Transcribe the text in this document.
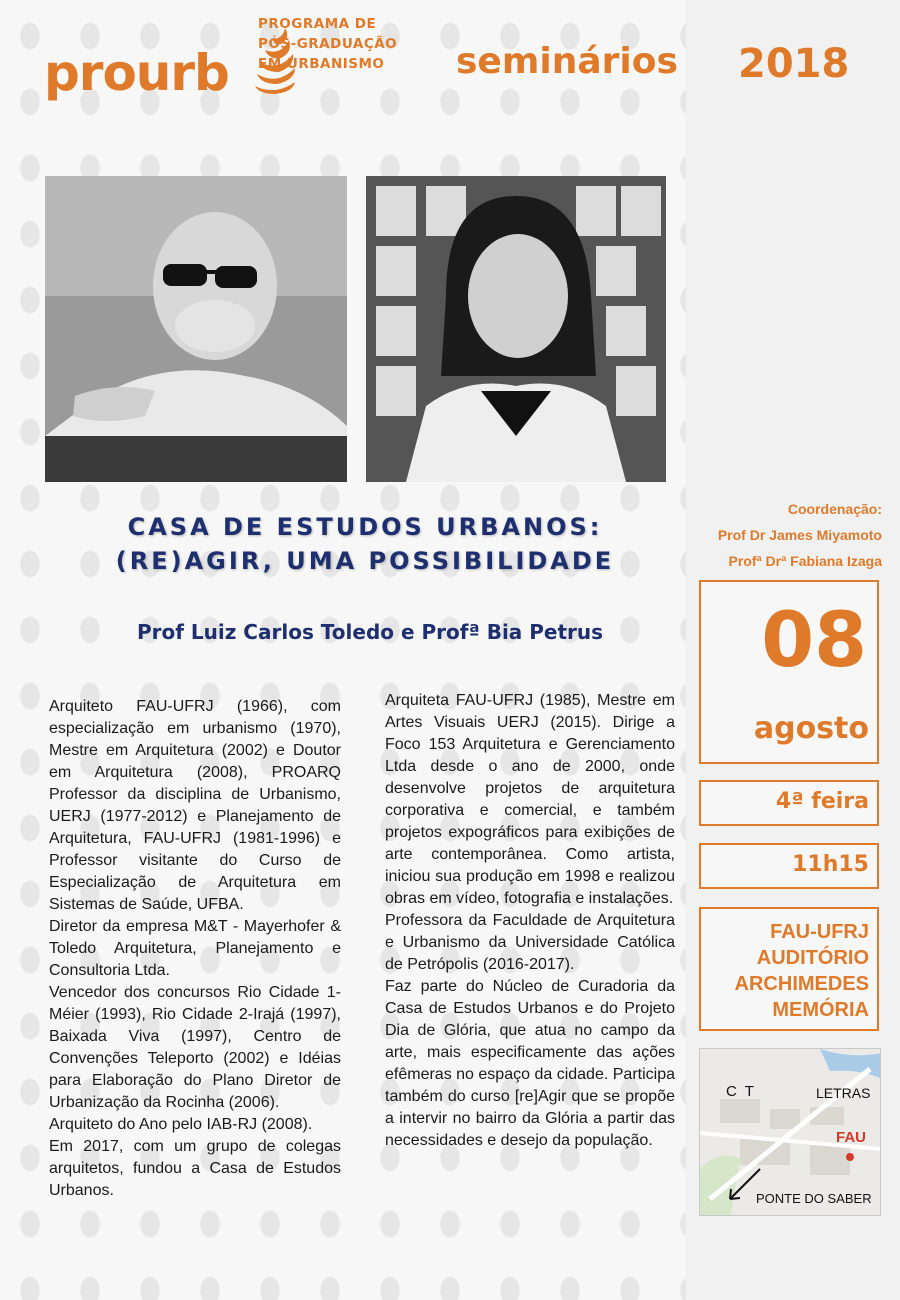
prourb
PROGRAMA DE
PÓS-GRADUAÇÃO
EM URBANISMO	seminários 2018
CASA DE ESTUDOS URBANOS:
(RE)AGIR, UMA POSSIBILIDADE
Prof Luiz Carlos Toledo e Profª Bia Petrus

Arquiteto FAU-UFRJ (1966), com especialização em urbanismo (1970), Mestre em Arquitetura (2002) e Doutor em Arquitetura (2008), PROARQ Professor da disciplina de Urbanismo, UERJ (1977-2012) e Planejamento de Arquitetura, FAU-UFRJ (1981-1996) e Professor visitante do Curso de Especialização de Arquitetura em Sistemas de Saúde, UFBA.

Diretor da empresa M&T - Mayerhofer & Toledo Arquitetura, Planejamento e Consultoria Ltda.

Vencedor dos concursos Rio Cidade 1-Méier (1993), Rio Cidade 2-Irajá (1997), Baixada Viva (1997), Centro de Convenções Teleporto (2002) e Idéias para Elaboração do Plano Diretor de Urbanização da Rocinha (2006).

Arquiteto do Ano pelo IAB-RJ (2008).

Em 2017, com um grupo de colegas arquitetos, fundou a Casa de Estudos Urbanos.

Arquiteta FAU-UFRJ (1985), Mestre em Artes Visuais UERJ (2015). Dirige a Foco 153 Arquitetura e Gerenciamento Ltda desde o ano de 2000, onde desenvolve projetos de arquitetura corporativa e comercial, e também projetos expográficos para exibições de arte contemporânea. Como artista, iniciou sua produção em 1998 e realizou obras em vídeo, fotografia e instalações.

Professora da Faculdade de Arquitetura e Urbanismo da Universidade Católica de Petrópolis (2016-2017).

Faz parte do Núcleo de Curadoria da Casa de Estudos Urbanos e do Projeto Dia de Glória, que atua no campo da arte, mais especificamente das ações efêmeras no espaço da cidade. Participa também do curso [re]Agir que se propõe a intervir no bairro da Glória a partir das necessidades e desejo da população.

Coordenação:
Prof Dr James Miyamoto
Profª Drª Fabiana Izaga
08
agosto
4ª feira
11h15
FAU-UFRJ
AUDITÓRIO
ARCHIMEDES
MEMÓRIA
C T	LETRAS
FAU
PONTE DO SABER
